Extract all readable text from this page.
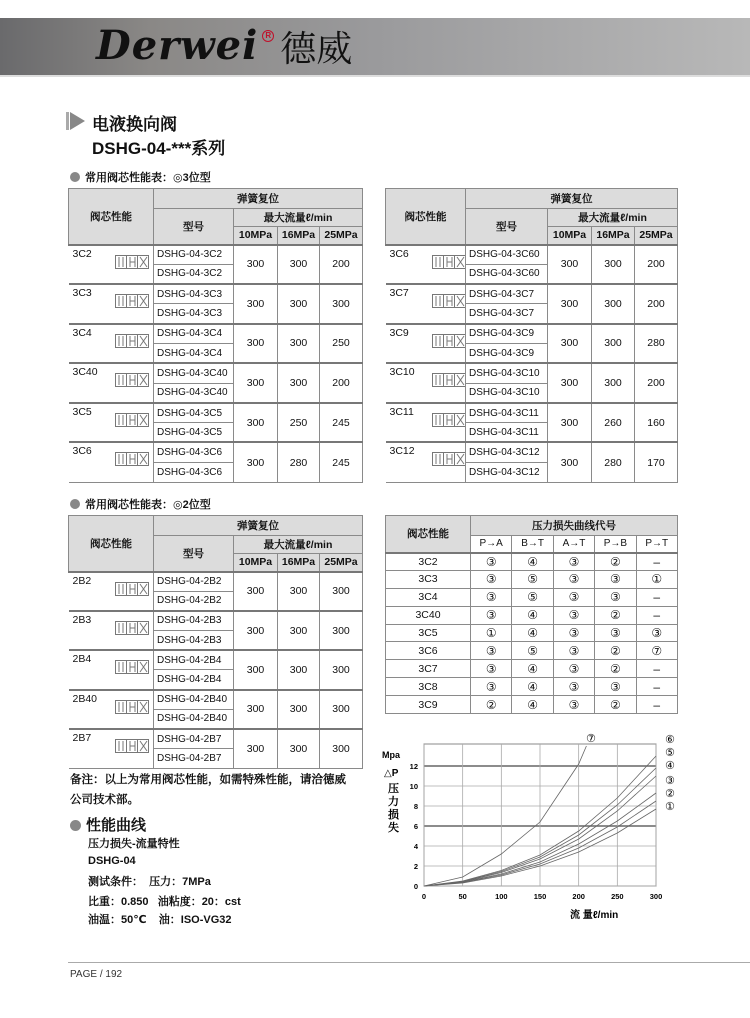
Derwei R 德威
电液换向阀
DSHG-04-***系列
常用阀芯性能表：◎3位型
阀芯性能	弹簧复位			
	型号	最大流量ℓ/min		
		10MPa	16MPa	25MPa
3C2	DSHG-04-3C2	300	300	200
	DSHG-04-3C2			
3C3	DSHG-04-3C3	300	300	300
	DSHG-04-3C3			
3C4	DSHG-04-3C4	300	300	250
	DSHG-04-3C4			
3C40	DSHG-04-3C40	300	300	200
	DSHG-04-3C40			
3C5	DSHG-04-3C5	300	250	245
	DSHG-04-3C5			
3C6	DSHG-04-3C6	300	280	245
	DSHG-04-3C6			
阀芯性能	弹簧复位			
	型号	最大流量ℓ/min		
		10MPa	16MPa	25MPa
3C6	DSHG-04-3C60	300	300	200
	DSHG-04-3C60			
3C7	DSHG-04-3C7	300	300	200
	DSHG-04-3C7			
3C9	DSHG-04-3C9	300	300	280
	DSHG-04-3C9			
3C10	DSHG-04-3C10	300	300	200
	DSHG-04-3C10			
3C11	DSHG-04-3C11	300	260	160
	DSHG-04-3C11			
3C12	DSHG-04-3C12	300	280	170
	DSHG-04-3C12			
常用阀芯性能表：◎2位型
阀芯性能	弹簧复位			
	型号	最大流量ℓ/min		
		10MPa	16MPa	25MPa
2B2	DSHG-04-2B2	300	300	300
	DSHG-04-2B2			
2B3	DSHG-04-2B3	300	300	300
	DSHG-04-2B3			
2B4	DSHG-04-2B4	300	300	300
	DSHG-04-2B4			
2B40	DSHG-04-2B40	300	300	300
	DSHG-04-2B40			
2B7	DSHG-04-2B7	300	300	300
	DSHG-04-2B7			
阀芯性能	压力损失曲线代号				
	P→A	B→T	A→T	P→B	P→T
3C2	③	④	③	②	–
3C3	③	⑤	③	③	①
3C4	③	⑤	③	③	–
3C40	③	④	③	②	–
3C5	①	④	③	③	③
3C6	③	⑤	③	②	⑦
3C7	③	④	③	②	–
3C8	③	④	③	③	–
3C9	②	④	③	②	–
备注：以上为常用阀芯性能，如需特殊性能，请洽德威
公司技术部。
性能曲线
压力损失-流量特性
DSHG-04
测试条件：  压力：7MPa
比重：0.850   油粘度：20：cst
油温：50℃    油：ISO-VG32
0
2
4
6
8
10
12
0	50	100	150	200	250	300
①
②
③
④
⑤
⑥
⑦
Mpa
△P
压
力
损
失
流 量ℓ/min
PAGE / 192
